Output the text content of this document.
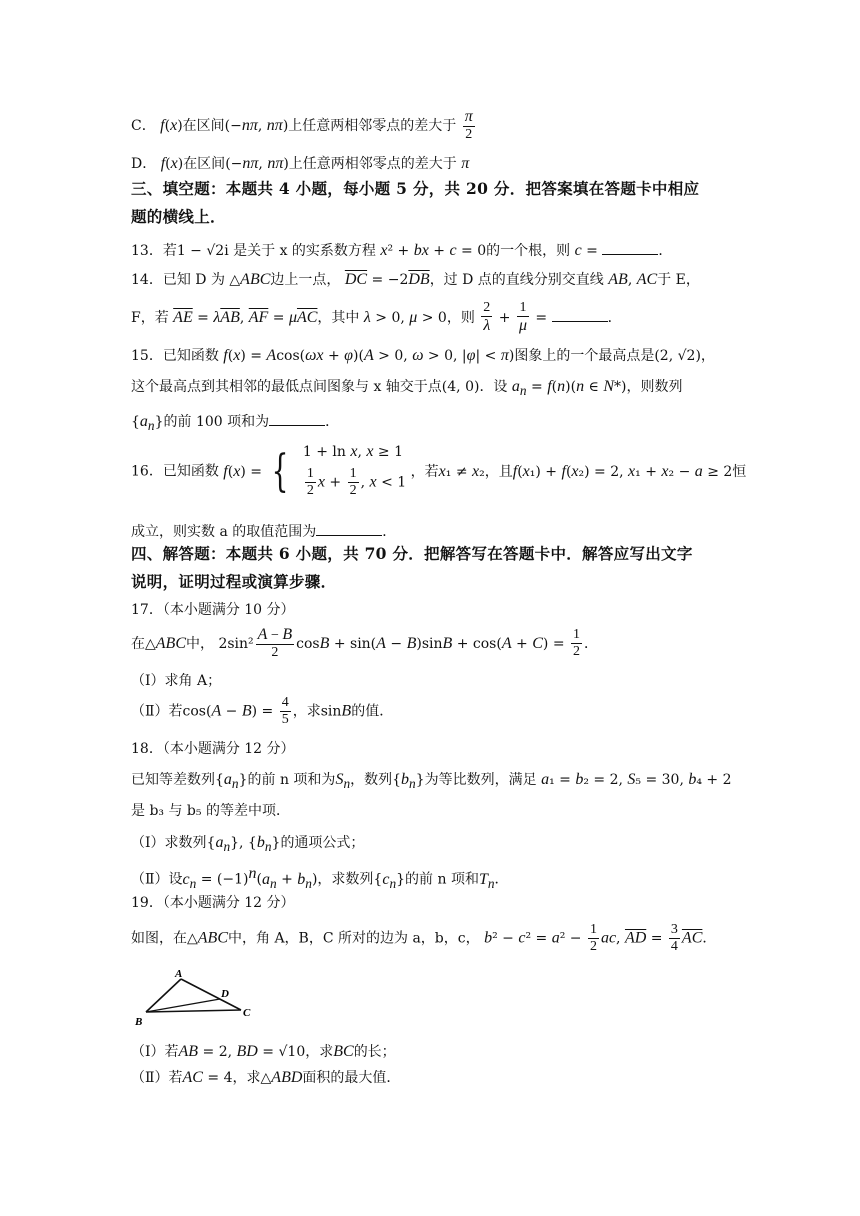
C． f(x)在区间(−nπ, nπ)上任意两相邻零点的差大于 $\frac{\pi}{2}$
D． f(x)在区间(−nπ, nπ)上任意两相邻零点的差大于 π
三、填空题：本题共 4 小题，每小题 5 分，共 20 分．把答案填在答题卡中相应
题的横线上．
13．若1 − √2i 是关于 x 的实系数方程 x² + bx + c = 0的一个根，则 c =	．
14．已知 D 为 △ABC边上一点， $\overline{DC} = -2\overline{DB}$，过 D 点的直线分别交直线 AB, AC于 E，
F，若 $\overline{AE} = \lambda\overline{AB}$, $\overline{AF} = \mu\overline{AC}$，其中 λ > 0, μ > 0，则 $\frac{2}{\lambda} + \frac{1}{\mu}$ =	．
15．已知函数 f(x) = Acos(ωx + φ)(A > 0, ω > 0, |φ| < π)图象上的一个最高点是(2, √2)，
这个最高点到其相邻的最低点间图象与 x 轴交于点(4, 0)．设 $a_n = f(n)(n$ ∈ N*)，则数列
$\{a_n\}$的前 100 项和为	．
16．已知函数 f(x) = { 1 + ln x, x ≥ 1
$\frac{1}{2}$ $x + \frac{1}{2}$ , x < 1
，若x₁ ≠ x₂，且f(x₁) + f(x₂) = 2, x₁ + x₂ − a ≥ 2恒
成立，则实数 a 的取值范围为	．
四、解答题：本题共 6 小题，共 70 分．把解答写在答题卡中．解答应写出文字
说明，证明过程或演算步骤．
17．（本小题满分 10 分）
在△ABC中， $2\sin^2 \frac{A - B}{2}$ $\cos B + \sin(A - B)\sin B + \cos(A + C) = \frac{1}{2}$ ．
（Ⅰ）求角 A；
（Ⅱ）若$\cos(A - B) = \frac{4}{5}$ ，求sinB的值．
18．（本小题满分 12 分）
已知等差数列$\{a_n\}$的前 n 项和为$S_n$，数列$\{b_n\}$为等比数列，满足 a₁ = b₂ = 2, S₅ = 30, b₄ + 2
是 b₃ 与 b₅ 的等差中项．
（Ⅰ）求数列$\{a_n\}$, $\{b_n\}$的通项公式；
（Ⅱ）设$c_n = (-1)^n(a_n + b_n)$，求数列$\{c_n\}$的前 n 项和$T_n$．
19．（本小题满分 12 分）
如图，在△ABC中，角 A，B，C 所对的边为 a，b，c， $b^2 - c^2 = a^2 - \frac{1}{2}$ ac, $\overline{AD} = \frac{3}{4} \overline{AC}$．
A
B
C
D
（Ⅰ）若AB = 2, BD = √10，求BC的长；
（Ⅱ）若AC = 4，求△ABD面积的最大值．
